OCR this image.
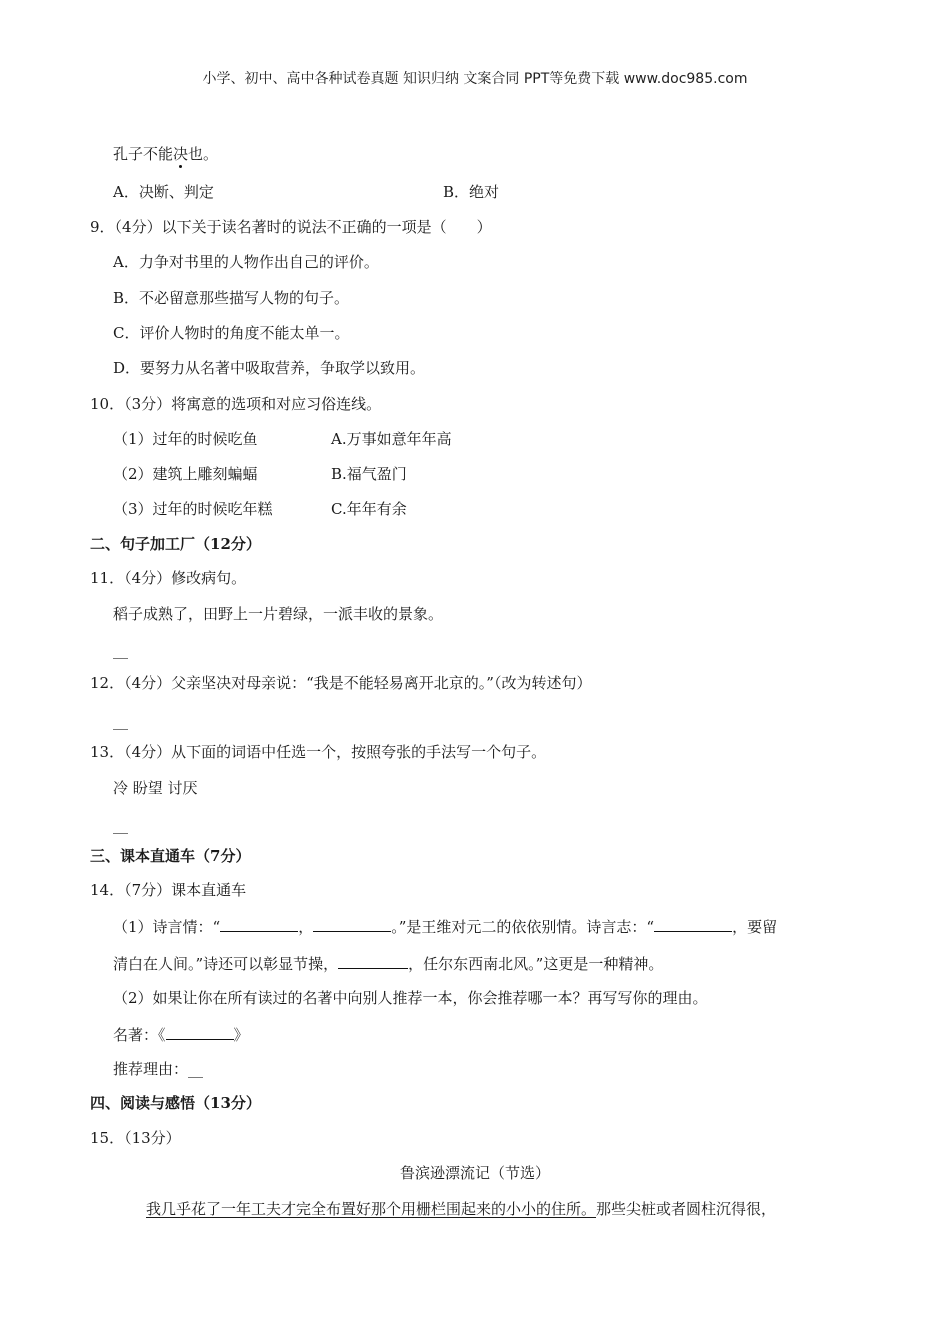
小学、初中、高中各种试卷真题 知识归纳 文案合同 PPT等免费下载 www.doc985.com
孔子不能决也。
A．决断、判定	B．绝对
9．（4分）以下关于读名著时的说法不正确的一项是（　　）
A．力争对书里的人物作出自己的评价。
B．不必留意那些描写人物的句子。
C．评价人物时的角度不能太单一。
D．要努力从名著中吸取营养，争取学以致用。
10．（3分）将寓意的选项和对应习俗连线。
（1）过年的时候吃鱼	A.万事如意年年高
（2）建筑上雕刻蝙蝠	B.福气盈门
（3）过年的时候吃年糕	C.年年有余
二、句子加工厂（12分）
11．（4分）修改病句。
稻子成熟了，田野上一片碧绿，一派丰收的景象。
__
12．（4分）父亲坚决对母亲说：“我是不能轻易离开北京的。”（改为转述句）
__
13．（4分）从下面的词语中任选一个，按照夸张的手法写一个句子。
冷 盼望 讨厌
__
三、课本直通车（7分）
14．（7分）课本直通车
（1）诗言情：“	，	。”是王维对元二的依依别情。诗言志：“	，要留
清白在人间。”诗还可以彰显节操，	，任尔东西南北风。”这更是一种精神。
（2）如果让你在所有读过的名著中向别人推荐一本，你会推荐哪一本？再写写你的理由。
名著：《	》
推荐理由：__
四、阅读与感悟（13分）
15．（13分）
鲁滨逊漂流记（节选）
我几乎花了一年工夫才完全布置好那个用栅栏围起来的小小的住所。那些尖桩或者圆柱沉得很，
